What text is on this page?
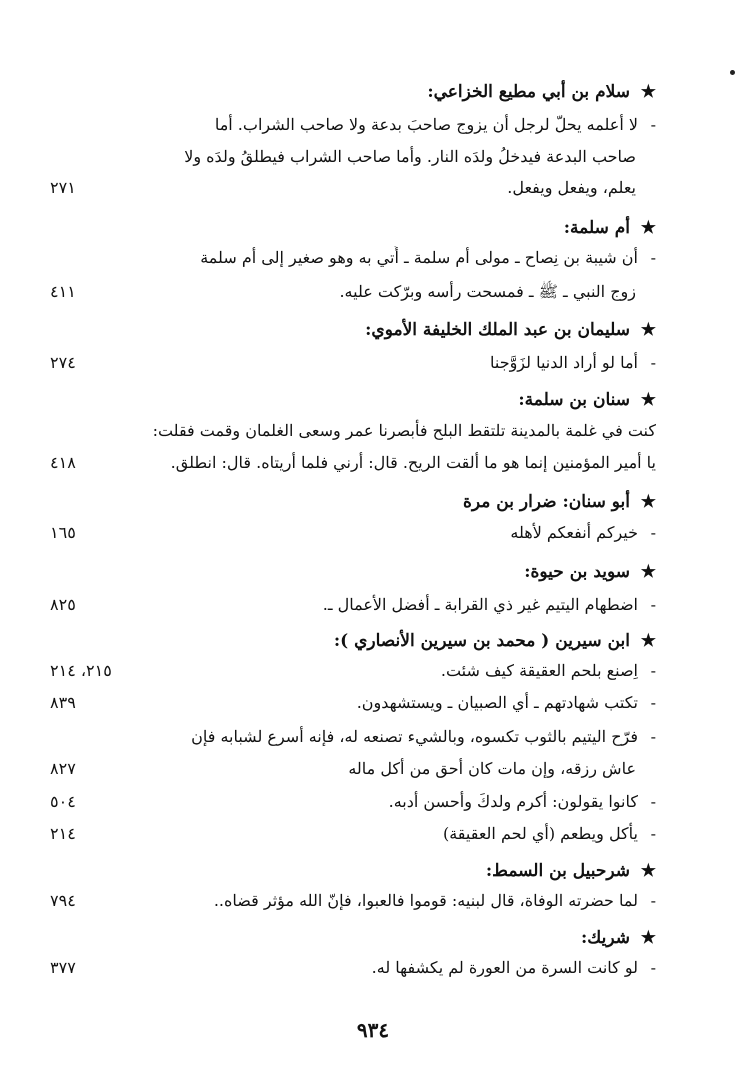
★سلام بن أبي مطيع الخزاعي:
-لا أعلمه يحلّ لرجل أن يزوج صاحبَ بدعة ولا صاحب الشراب. أما
صاحب البدعة فيدخلُ ولدَه النار. وأما صاحب الشراب فيطلقُ ولدَه ولا
يعلم، ويفعل ويفعل.
٢٧١
★أم سلمة:
-أن شيبة بن نِصاح ـ مولى أم سلمة ـ أُتي به وهو صغير إلى أم سلمة
زوج النبي ـ ﷺ ـ فمسحت رأسه وبرّكت عليه.
٤١١
★سليمان بن عبد الملك الخليفة الأموي:
-أما لو أراد الدنيا لزَوَّجنا
٢٧٤
★سنان بن سلمة:
كنت في غلمة بالمدينة تلتقط البلح فأبصرنا عمر وسعى الغلمان وقمت فقلت:
يا أمير المؤمنين إنما هو ما ألقت الريح. قال: أرني فلما أريتاه. قال: انطلق.
٤١٨
★أبو سنان: ضرار بن مرة
-خيركم أنفعكم لأهله
١٦٥
★سويد بن حيوة:
-اضطهام اليتيم غير ذي القرابة ـ أفضل الأعمال ـ.
٨٢٥
★ابن سيرين ( محمد بن سيرين الأنصاري ):
-اِصنع بلحم العقيقة كيف شئت.
٢١٥، ٢١٤
-تكتب شهادتهم ـ أي الصبيان ـ ويستشهدون.
٨٣٩
-فرّح اليتيم بالثوب تكسوه، وبالشيء تصنعه له، فإنه أسرع لشبابه فإن
عاش رزقه، وإن مات كان أحق من أكل ماله
٨٢٧
-كانوا يقولون: أكرم ولدكَ وأحسن أدبه.
٥٠٤
-يأكل ويطعم (أي لحم العقيقة)
٢١٤
★شرحبيل بن السمط:
-لما حضرته الوفاة، قال لبنيه: قوموا فالعبوا، فإنّ الله مؤثر قضاه..
٧٩٤
★شريك:
-لو كانت السرة من العورة لم يكشفها له.
٣٧٧
٩٣٤
